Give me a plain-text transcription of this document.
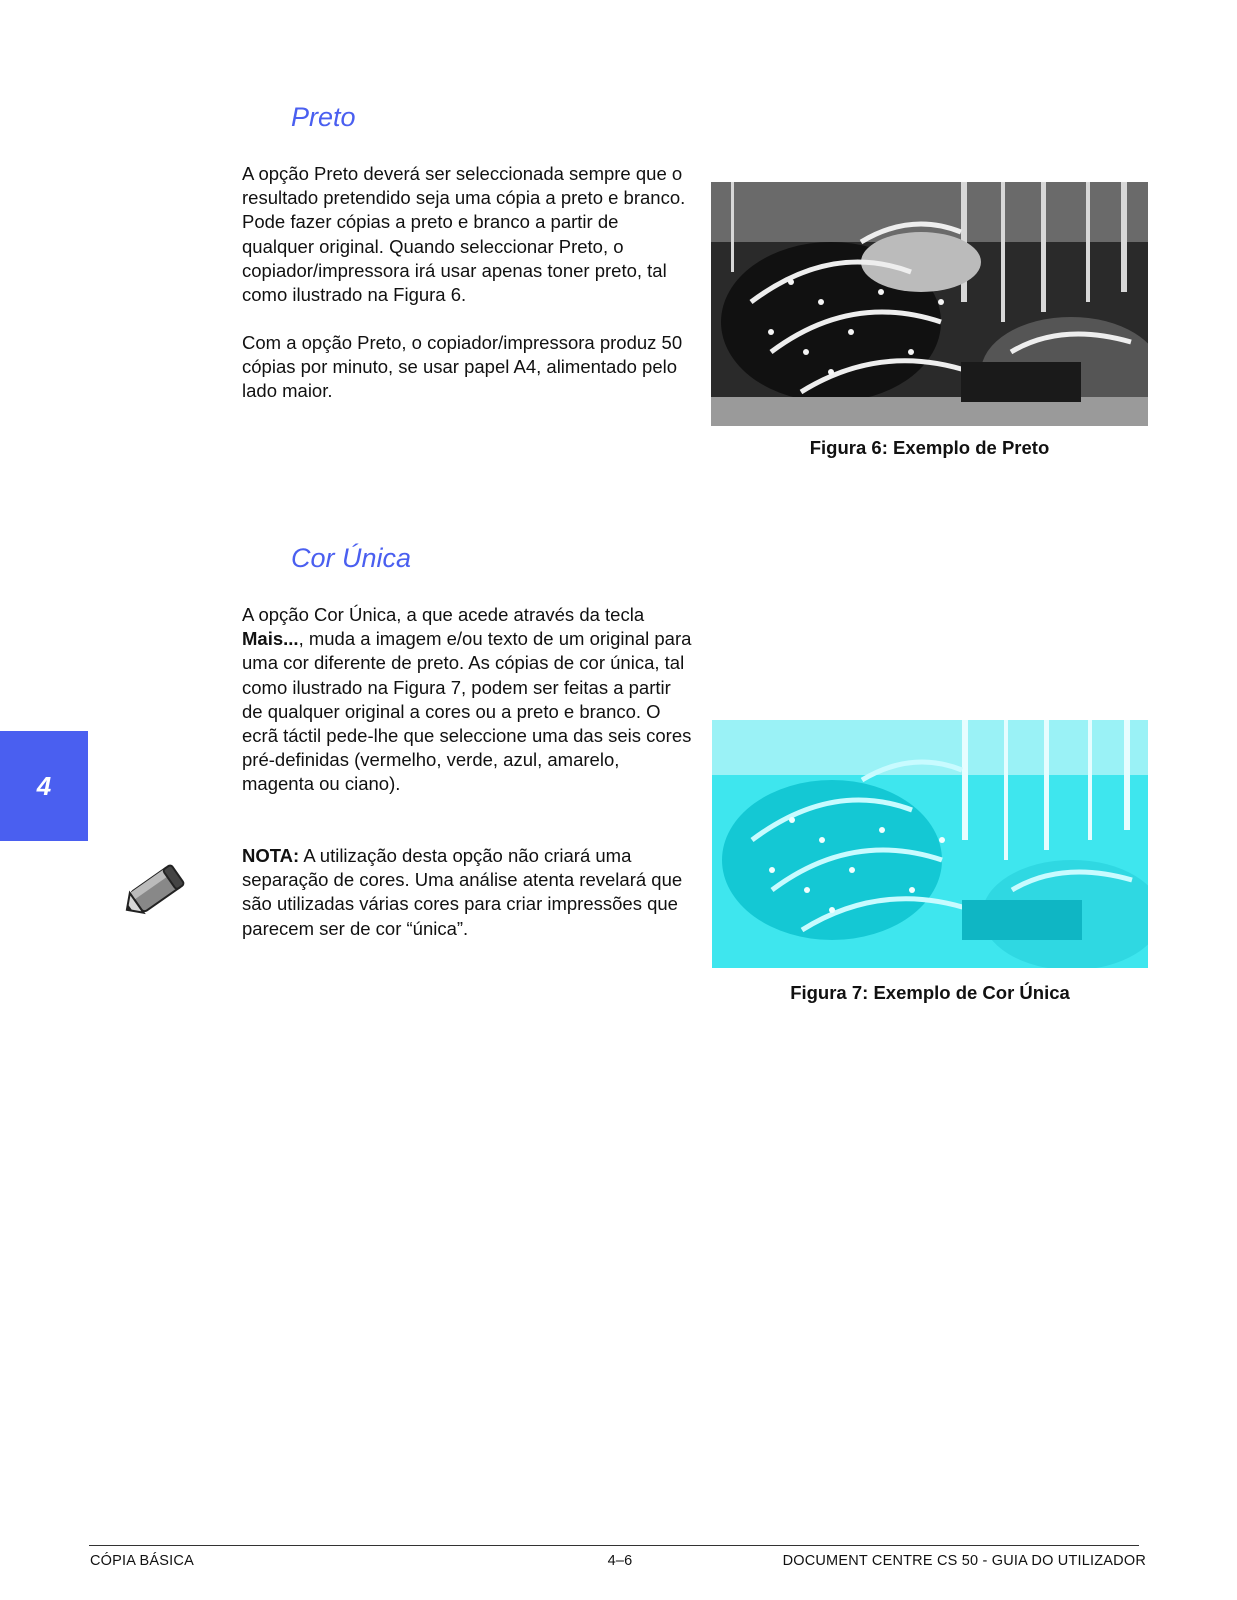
Preto

A opção Preto deverá ser seleccionada sempre que o resultado pretendido seja uma cópia a preto e branco. Pode fazer cópias a preto e branco a partir de qualquer original. Quando seleccionar Preto, o copiador/impressora irá usar apenas toner preto, tal como ilustrado na Figura 6.

Com a opção Preto, o copiador/impressora produz 50 cópias por minuto, se usar papel A4, alimentado pelo lado maior.

Figura 6: Exemplo de Preto

Cor Única

A opção Cor Única, a que acede através da tecla Mais..., muda a imagem e/ou texto de um original para uma cor diferente de preto. As cópias de cor única, tal como ilustrado na Figura 7, podem ser feitas a partir de qualquer original a cores ou a preto e branco. O ecrã táctil pede-lhe que seleccione uma das seis cores pré-definidas (vermelho, verde, azul, amarelo, magenta ou ciano).

NOTA: A utilização desta opção não criará uma separação de cores. Uma análise atenta revelará que são utilizadas várias cores para criar impressões que parecem ser de cor “única”.

Figura 7: Exemplo de Cor Única

4

CÓPIA BÁSICA	4–6	DOCUMENT CENTRE CS 50 - GUIA DO UTILIZADOR
